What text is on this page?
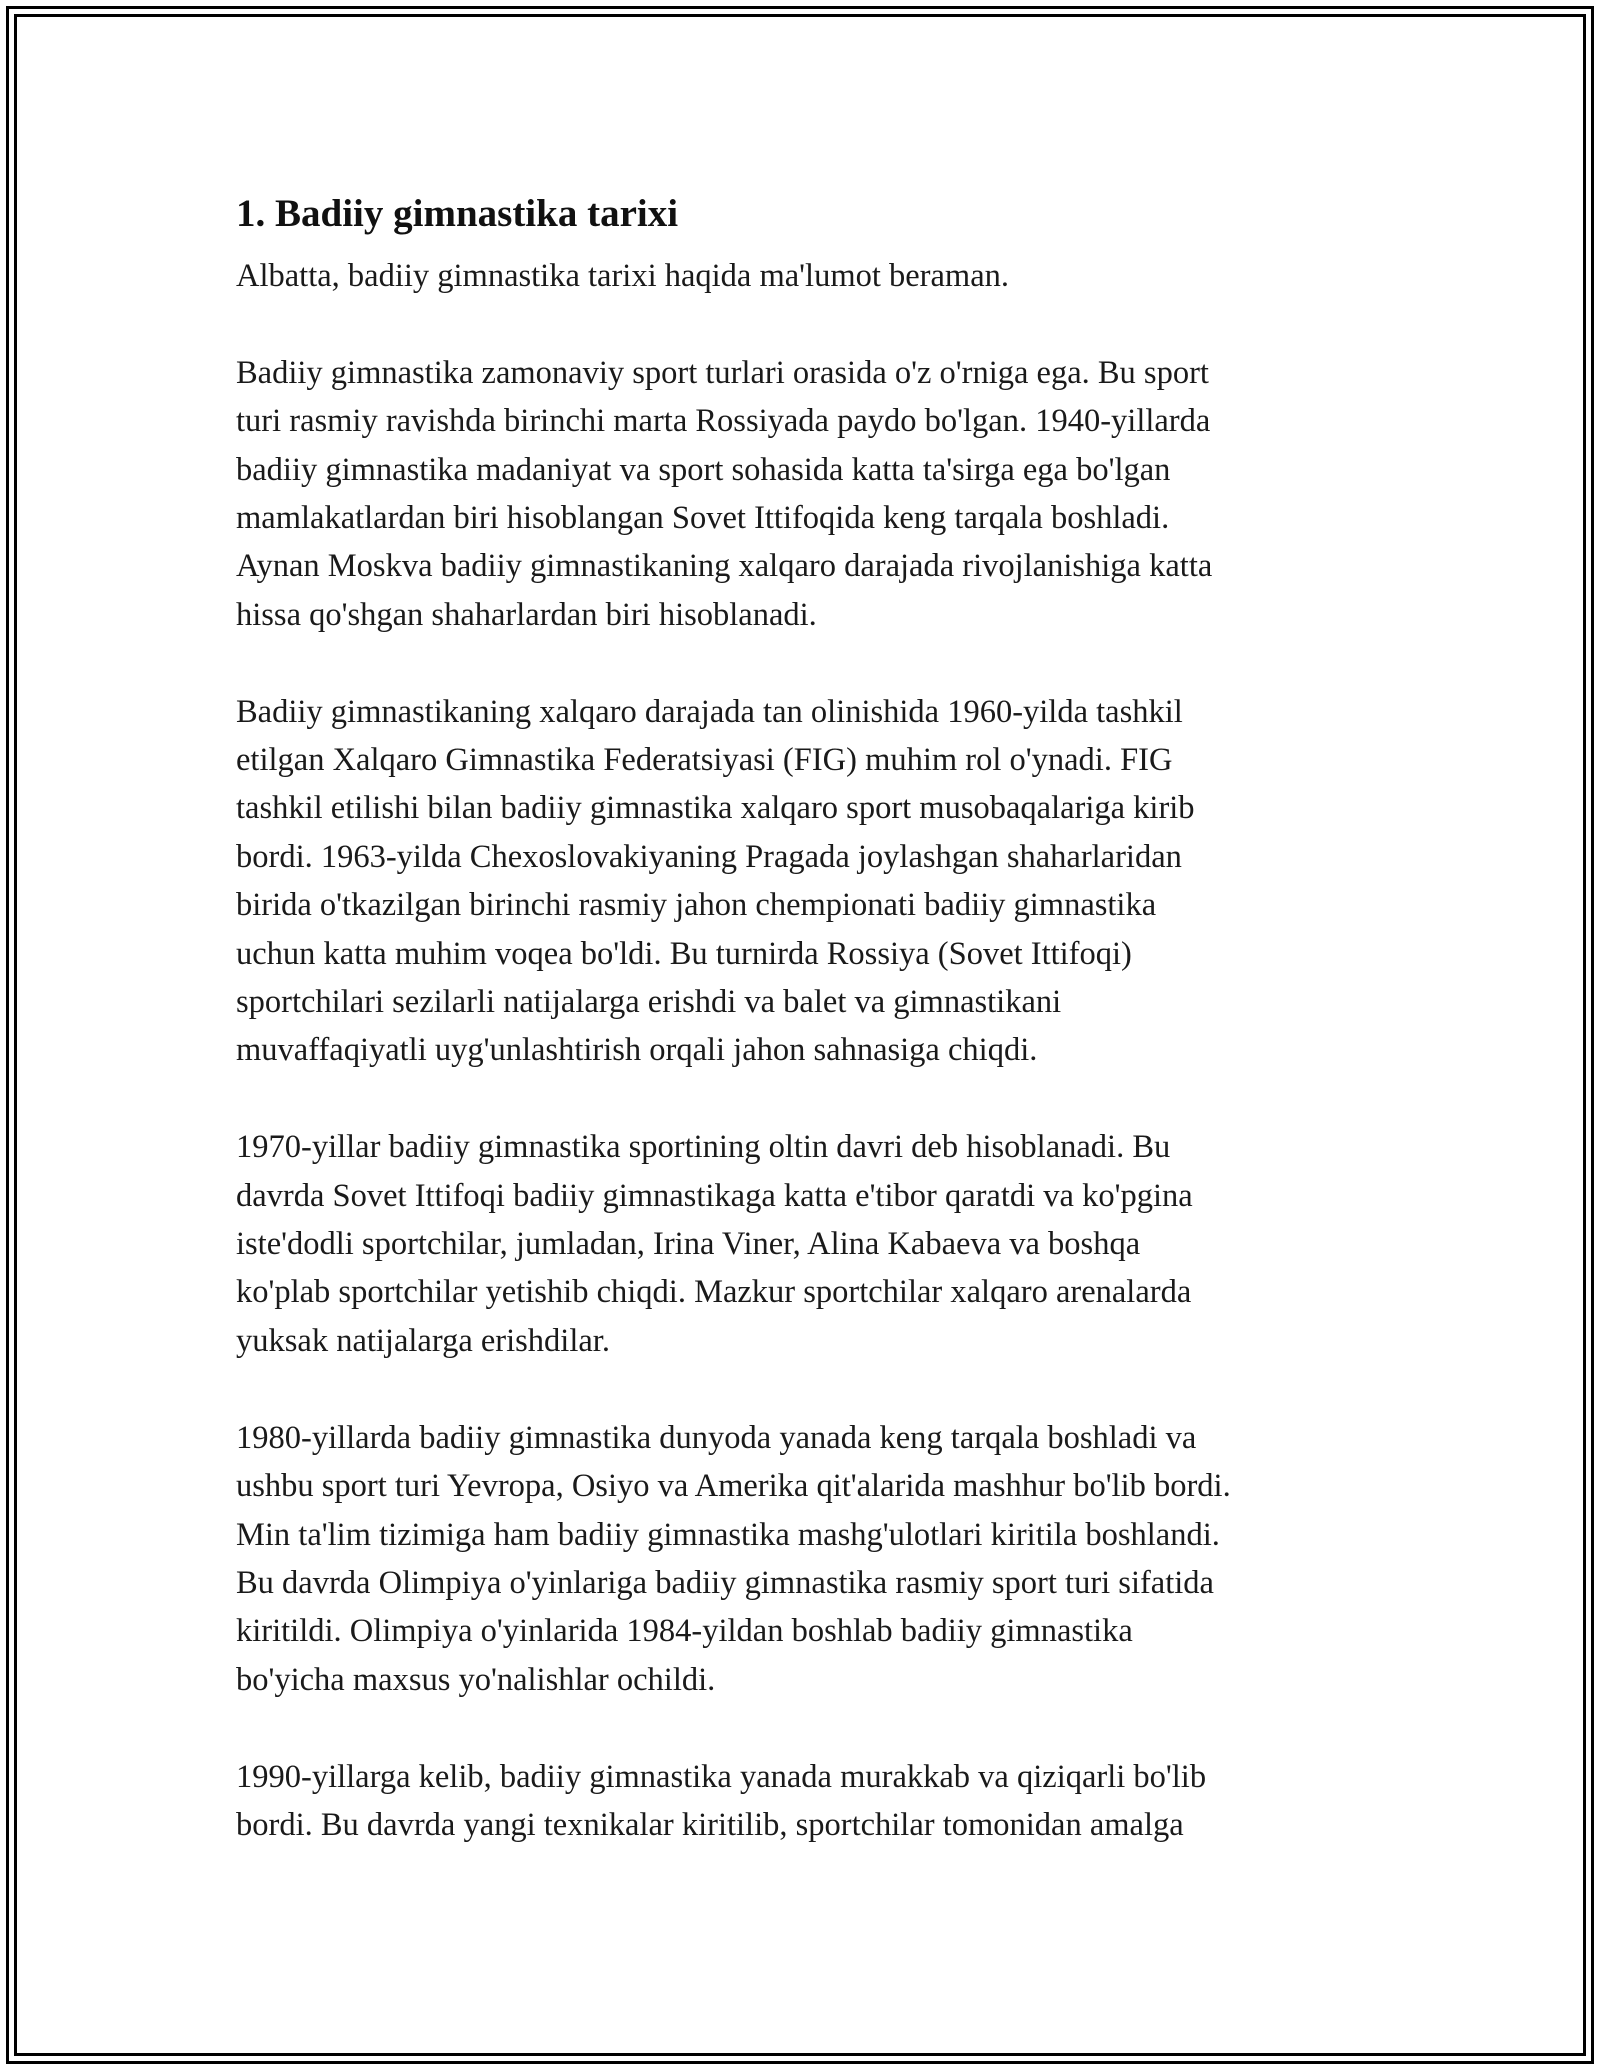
1. Badiiy gimnastika tarixi

Albatta, badiiy gimnastika tarixi haqida ma'lumot beraman.

Badiiy gimnastika zamonaviy sport turlari orasida o'z o'rniga ega. Bu sport
turi rasmiy ravishda birinchi marta Rossiyada paydo bo'lgan. 1940-yillarda
badiiy gimnastika madaniyat va sport sohasida katta ta'sirga ega bo'lgan
mamlakatlardan biri hisoblangan Sovet Ittifoqida keng tarqala boshladi.
Aynan Moskva badiiy gimnastikaning xalqaro darajada rivojlanishiga katta
hissa qo'shgan shaharlardan biri hisoblanadi.

Badiiy gimnastikaning xalqaro darajada tan olinishida 1960-yilda tashkil
etilgan Xalqaro Gimnastika Federatsiyasi (FIG) muhim rol o'ynadi. FIG
tashkil etilishi bilan badiiy gimnastika xalqaro sport musobaqalariga kirib
bordi. 1963-yilda Chexoslovakiyaning Pragada joylashgan shaharlaridan
birida o'tkazilgan birinchi rasmiy jahon chempionati badiiy gimnastika
uchun katta muhim voqea bo'ldi. Bu turnirda Rossiya (Sovet Ittifoqi)
sportchilari sezilarli natijalarga erishdi va balet va gimnastikani
muvaffaqiyatli uyg'unlashtirish orqali jahon sahnasiga chiqdi.

1970-yillar badiiy gimnastika sportining oltin davri deb hisoblanadi. Bu
davrda Sovet Ittifoqi badiiy gimnastikaga katta e'tibor qaratdi va ko'pgina
iste'dodli sportchilar, jumladan, Irina Viner, Alina Kabaeva va boshqa
ko'plab sportchilar yetishib chiqdi. Mazkur sportchilar xalqaro arenalarda
yuksak natijalarga erishdilar.

1980-yillarda badiiy gimnastika dunyoda yanada keng tarqala boshladi va
ushbu sport turi Yevropa, Osiyo va Amerika qit'alarida mashhur bo'lib bordi.
Min ta'lim tizimiga ham badiiy gimnastika mashg'ulotlari kiritila boshlandi.
Bu davrda Olimpiya o'yinlariga badiiy gimnastika rasmiy sport turi sifatida
kiritildi. Olimpiya o'yinlarida 1984-yildan boshlab badiiy gimnastika
bo'yicha maxsus yo'nalishlar ochildi.

1990-yillarga kelib, badiiy gimnastika yanada murakkab va qiziqarli bo'lib
bordi. Bu davrda yangi texnikalar kiritilib, sportchilar tomonidan amalga
